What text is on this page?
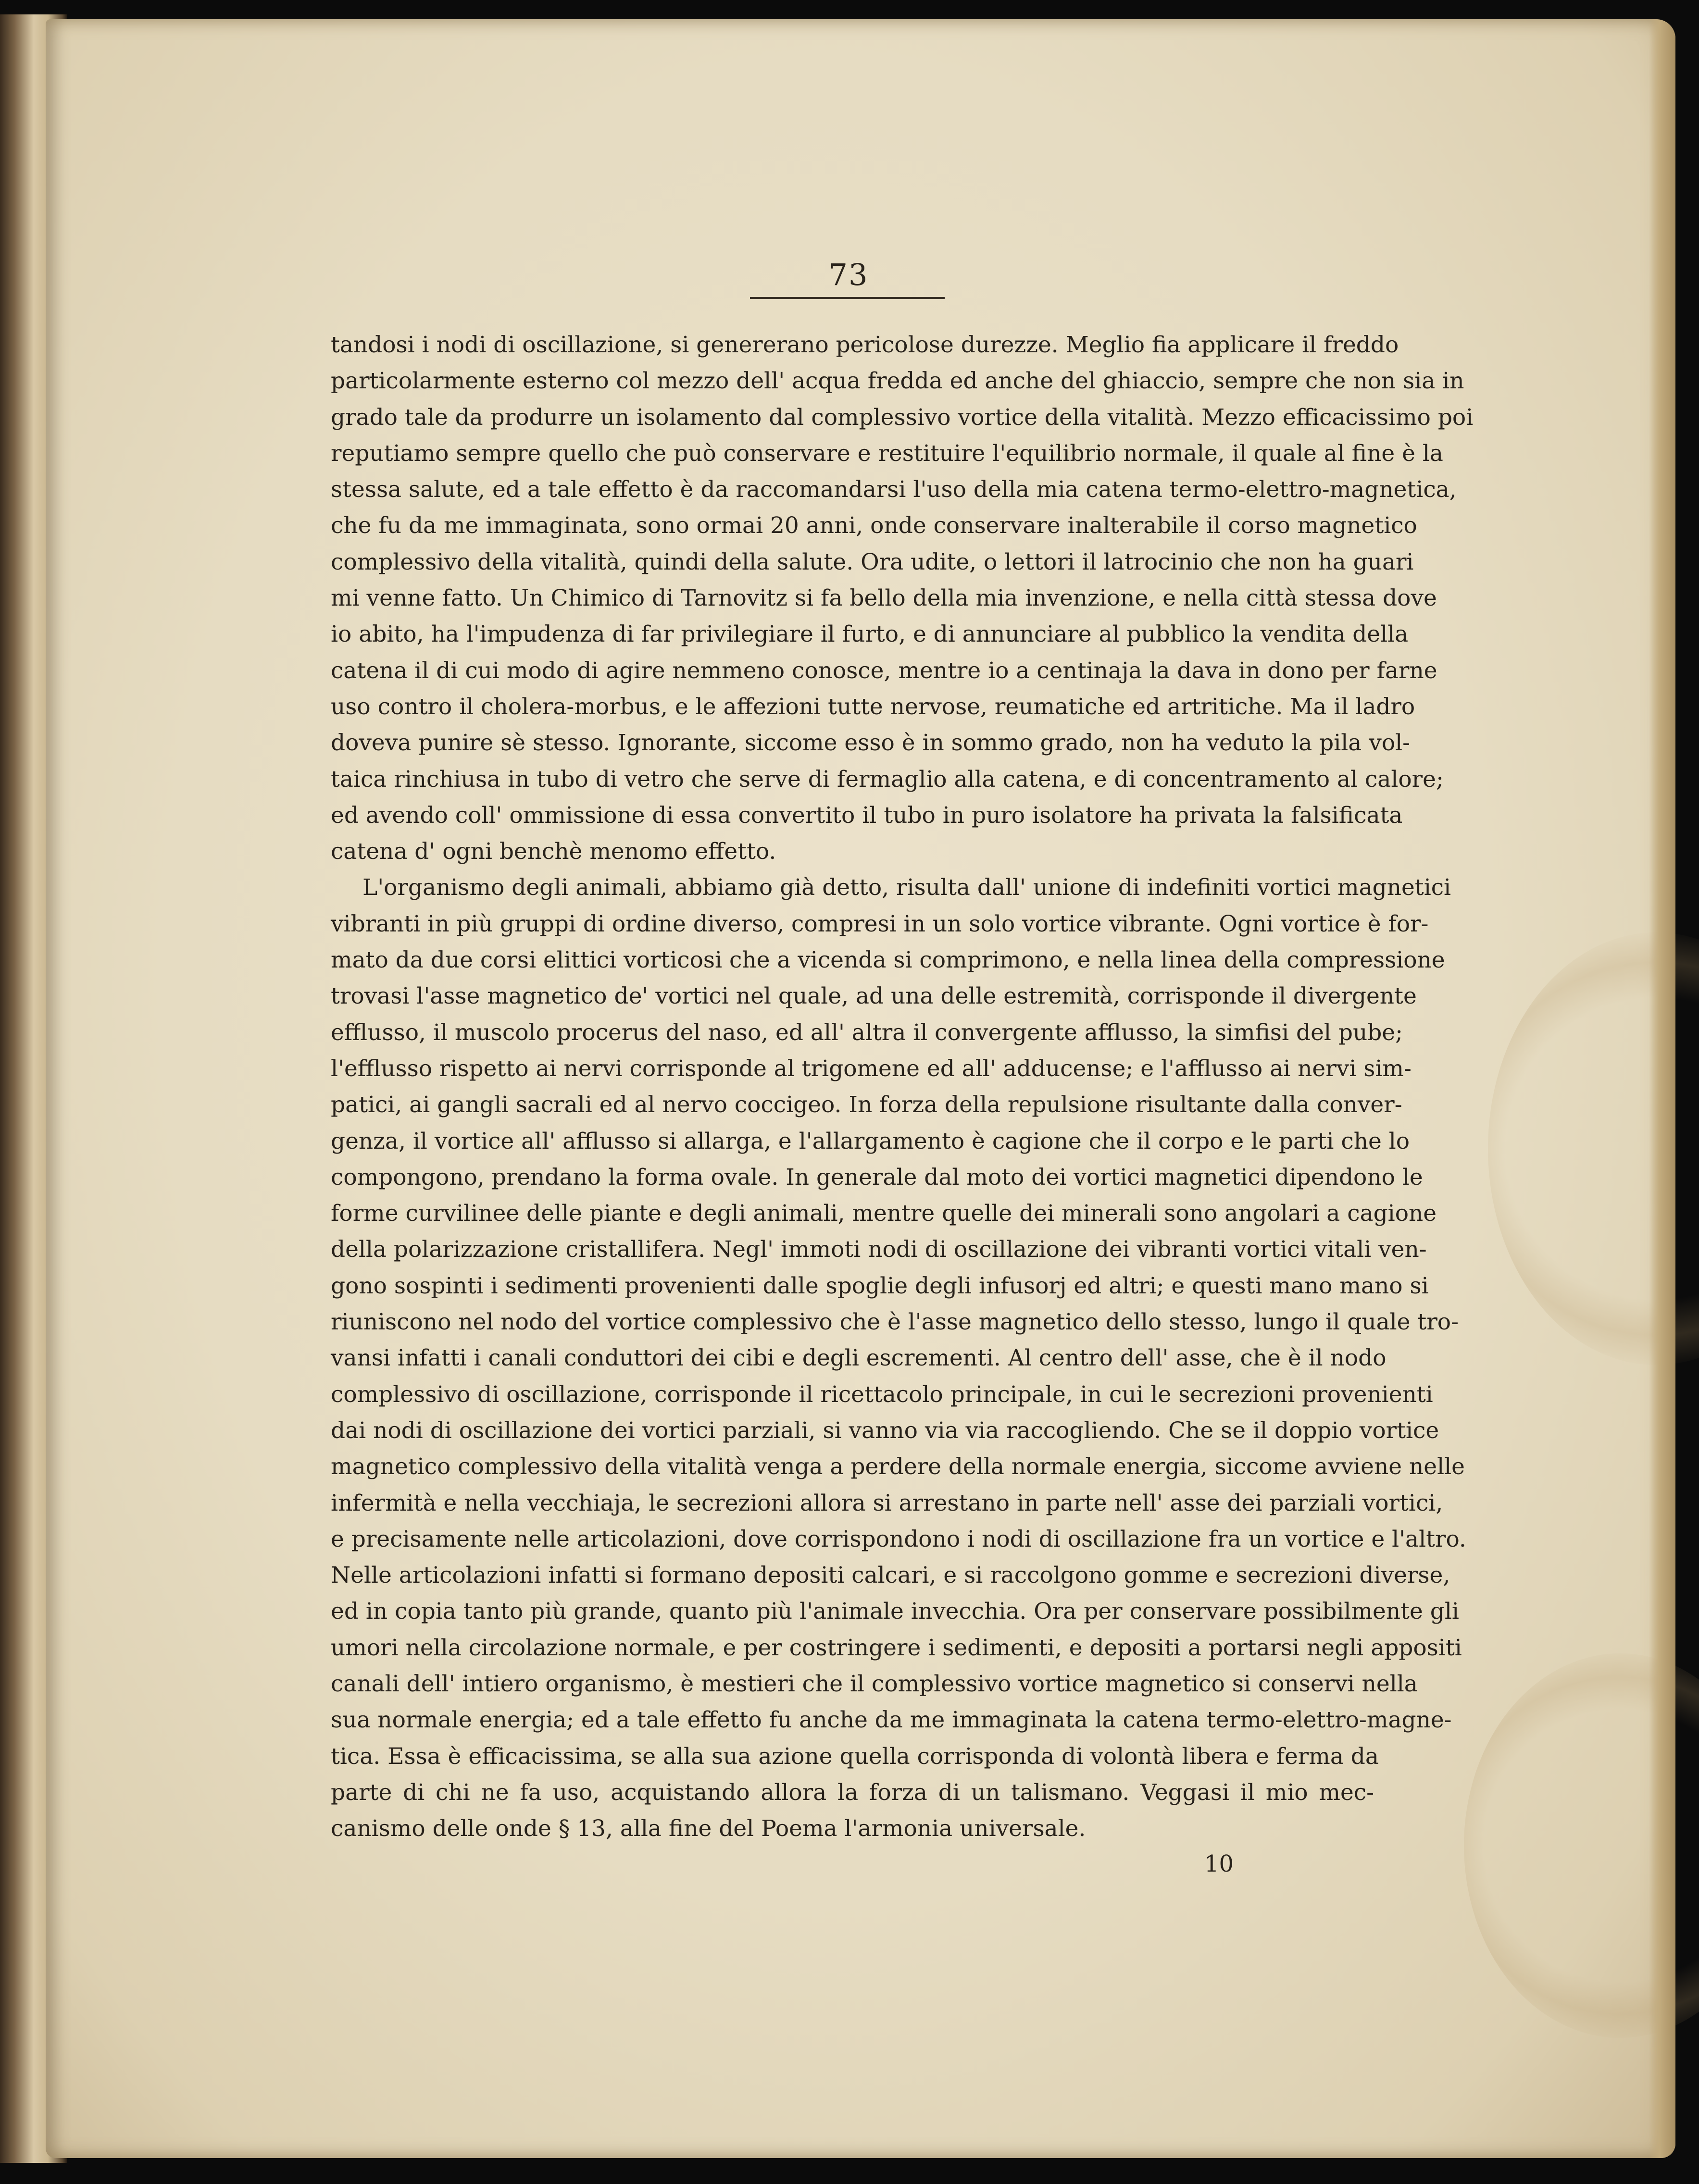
73
tandosi i nodi di oscillazione, si genererano pericolose durezze. Meglio fia applicare il freddo
particolarmente esterno col mezzo dell' acqua fredda ed anche del ghiaccio, sempre che non sia in
grado tale da produrre un isolamento dal complessivo vortice della vitalità. Mezzo efficacissimo poi
reputiamo sempre quello che può conservare e restituire l'equilibrio normale, il quale al fine è la
stessa salute, ed a tale effetto è da raccomandarsi l'uso della mia catena termo-elettro-magnetica,
che fu da me immaginata, sono ormai 20 anni, onde conservare inalterabile il corso magnetico
complessivo della vitalità, quindi della salute. Ora udite, o lettori il latrocinio che non ha guari
mi venne fatto. Un Chimico di Tarnovitz si fa bello della mia invenzione, e nella città stessa dove
io abito, ha l'impudenza di far privilegiare il furto, e di annunciare al pubblico la vendita della
catena il di cui modo di agire nemmeno conosce, mentre io a centinaja la dava in dono per farne
uso contro il cholera-morbus, e le affezioni tutte nervose, reumatiche ed artritiche. Ma il ladro
doveva punire sè stesso. Ignorante, siccome esso è in sommo grado, non ha veduto la pila vol-
taica rinchiusa in tubo di vetro che serve di fermaglio alla catena, e di concentramento al calore;
ed avendo coll' ommissione di essa convertito il tubo in puro isolatore ha privata la falsificata
catena d' ogni benchè menomo effetto.
L'organismo degli animali, abbiamo già detto, risulta dall' unione di indefiniti vortici magnetici
vibranti in più gruppi di ordine diverso, compresi in un solo vortice vibrante. Ogni vortice è for-
mato da due corsi elittici vorticosi che a vicenda si comprimono, e nella linea della compressione
trovasi l'asse magnetico de' vortici nel quale, ad una delle estremità, corrisponde il divergente
efflusso, il muscolo procerus del naso, ed all' altra il convergente afflusso, la simfisi del pube;
l'efflusso rispetto ai nervi corrisponde al trigomene ed all' adducense; e l'afflusso ai nervi sim-
patici, ai gangli sacrali ed al nervo coccigeo. In forza della repulsione risultante dalla conver-
genza, il vortice all' afflusso si allarga, e l'allargamento è cagione che il corpo e le parti che lo
compongono, prendano la forma ovale. In generale dal moto dei vortici magnetici dipendono le
forme curvilinee delle piante e degli animali, mentre quelle dei minerali sono angolari a cagione
della polarizzazione cristallifera. Negl' immoti nodi di oscillazione dei vibranti vortici vitali ven-
gono sospinti i sedimenti provenienti dalle spoglie degli infusorj ed altri; e questi mano mano si
riuniscono nel nodo del vortice complessivo che è l'asse magnetico dello stesso, lungo il quale tro-
vansi infatti i canali conduttori dei cibi e degli escrementi. Al centro dell' asse, che è il nodo
complessivo di oscillazione, corrisponde il ricettacolo principale, in cui le secrezioni provenienti
dai nodi di oscillazione dei vortici parziali, si vanno via via raccogliendo. Che se il doppio vortice
magnetico complessivo della vitalità venga a perdere della normale energia, siccome avviene nelle
infermità e nella vecchiaja, le secrezioni allora si arrestano in parte nell' asse dei parziali vortici,
e precisamente nelle articolazioni, dove corrispondono i nodi di oscillazione fra un vortice e l'altro.
Nelle articolazioni infatti si formano depositi calcari, e si raccolgono gomme e secrezioni diverse,
ed in copia tanto più grande, quanto più l'animale invecchia. Ora per conservare possibilmente gli
umori nella circolazione normale, e per costringere i sedimenti, e depositi a portarsi negli appositi
canali dell' intiero organismo, è mestieri che il complessivo vortice magnetico si conservi nella
sua normale energia; ed a tale effetto fu anche da me immaginata la catena termo-elettro-magne-
tica. Essa è efficacissima, se alla sua azione quella corrisponda di volontà libera e ferma da
parte di chi ne fa uso, acquistando allora la forza di un talismano. Veggasi il mio mec-
canismo delle onde § 13, alla fine del Poema l'armonia universale.
10
